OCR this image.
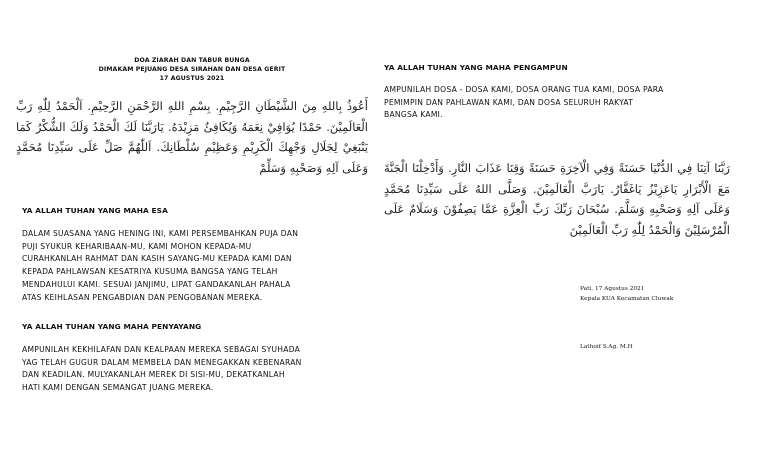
DOA ZIARAH DAN TABUR BUNGA
DIMAKAM PEJUANG DESA SIRAHAN DAN DESA GERIT
17 AGUSTUS 2021
أَعُوذُ بِاللهِ مِنَ الشَّيْطَانِ الرَّجِيْمِ. بِسْمِ اللهِ الرَّحْمَنِ الرَّحِيْمِ. اَلْحَمْدُ لِلّٰهِ رَبِّ الْعَالَمِيْنَ. حَمْدًا يُوَافِيْ نِعَمَهُ وَيُكَافِئُ مَزِيْدَهُ. يَارَبَّنَا لَكَ الْحَمْدُ وَلَكَ الشُّكْرُ كَمَا يَنْبَغِيْ لِجَلَالِ وَجْهِكَ الْكَرِيْمِ وَعَظِيْمِ سُلْطَانِكَ. اَللّٰهُمَّ صَلِّ عَلَى سَيِّدِنَا مُحَمَّدٍ وَعَلَى آلِهِ وَصَحْبِهِ وَسَلِّمْ
YA ALLAH TUHAN YANG MAHA ESA
DALAM SUASANA YANG HENING INI, KAMI PERSEMBAHKAN PUJA DAN
PUJI SYUKUR KEHARIBAAN-MU, KAMI MOHON KEPADA-MU
CURAHKANLAH RAHMAT DAN KASIH SAYANG-MU KEPADA KAMI DAN
KEPADA PAHLAWSAN KESATRIYA KUSUMA BANGSA YANG TELAH
MENDAHULUI KAMI. SESUAI JANJIMU, LIPAT GANDAKANLAH PAHALA
ATAS KEIHLASAN PENGABDIAN DAN PENGOBANAN MEREKA.
YA ALLAH TUHAN YANG MAHA PENYAYANG
AMPUNILAH KEKHILAFAN DAN KEALPAAN MEREKA SEBAGAI SYUHADA
YAG TELAH GUGUR DALAM MEMBELA DAN MENEGAKKAN KEBENARAN
DAN KEADILAN. MULYAKANLAH MEREK DI SISI-MU, DEKATKANLAH
HATI KAMI DENGAN SEMANGAT JUANG MEREKA.
YA ALLAH TUHAN YANG MAHA PENGAMPUN
AMPUNILAH DOSA - DOSA KAMI, DOSA ORANG TUA KAMI, DOSA PARA
PEMIMPIN DAN PAHLAWAN KAMI, DAN DOSA SELURUH RAKYAT
BANGSA KAMI.
رَبَّنَا آتِنَا فِي الدُّنْيَا حَسَنَةً وَفِي الْآخِرَةِ حَسَنَةً وَقِنَا عَذَابَ النَّارِ. وَأَدْخِلْنَا الْجَنَّةَ مَعَ الْأَبْرَارِ يَاعَزِيْزُ يَاغَفَّارُ. يَارَبَّ الْعَالَمِيْنَ. وَصَلَّى اللهُ عَلَى سَيِّدِنَا مُحَمَّدٍ وَعَلَى آلِهِ وَصَحْبِهِ وَسَلَّمَ. سُبْحَانَ رَبِّكَ رَبِّ الْعِزَّةِ عَمَّا يَصِفُوْنَ وَسَلَامٌ عَلَى الْمُرْسَلِيْنَ وَالْحَمْدُ لِلّٰهِ رَبِّ الْعَالَمِيْنَ
Pati, 17 Agustus 2021
Kepala KUA Kecamatan Cluwak
Lathoif S.Ag. M.H
